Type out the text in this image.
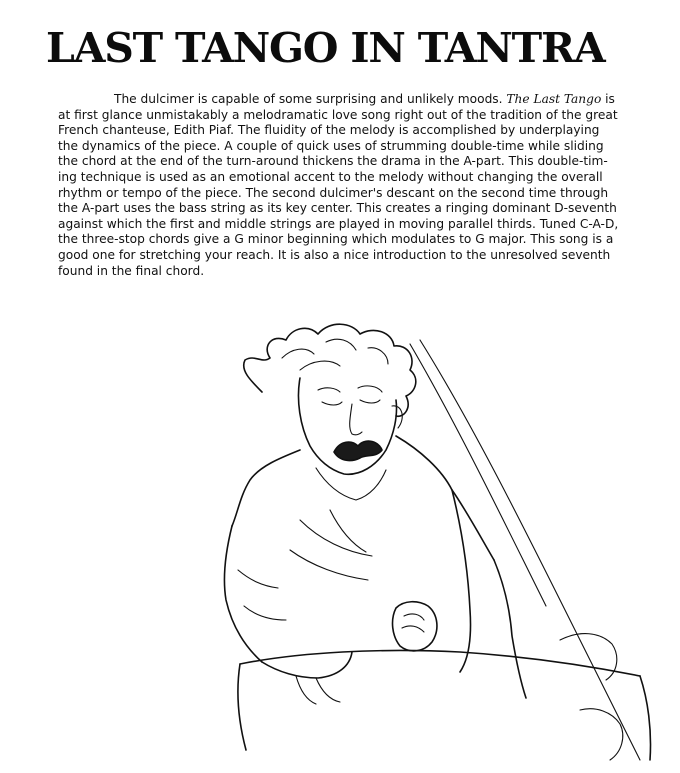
LAST TANGO IN TANTRA
The dulcimer is capable of some surprising and unlikely moods. The Last Tango is
at first glance unmistakably a melodramatic love song right out of the tradition of the great
French chanteuse, Edith Piaf. The fluidity of the melody is accomplished by underplaying
the dynamics of the piece. A couple of quick uses of strumming double-time while sliding
the chord at the end of the turn-around thickens the drama in the A-part. This double-tim-
ing technique is used as an emotional accent to the melody without changing the overall
rhythm or tempo of the piece. The second dulcimer's descant on the second time through
the A-part uses the bass string as its key center. This creates a ringing dominant D-seventh
against which the first and middle strings are played in moving parallel thirds. Tuned C-A-D,
the three-stop chords give a G minor beginning which modulates to G major. This song is a
good one for stretching your reach. It is also a nice introduction to the unresolved seventh
found in the final chord.
